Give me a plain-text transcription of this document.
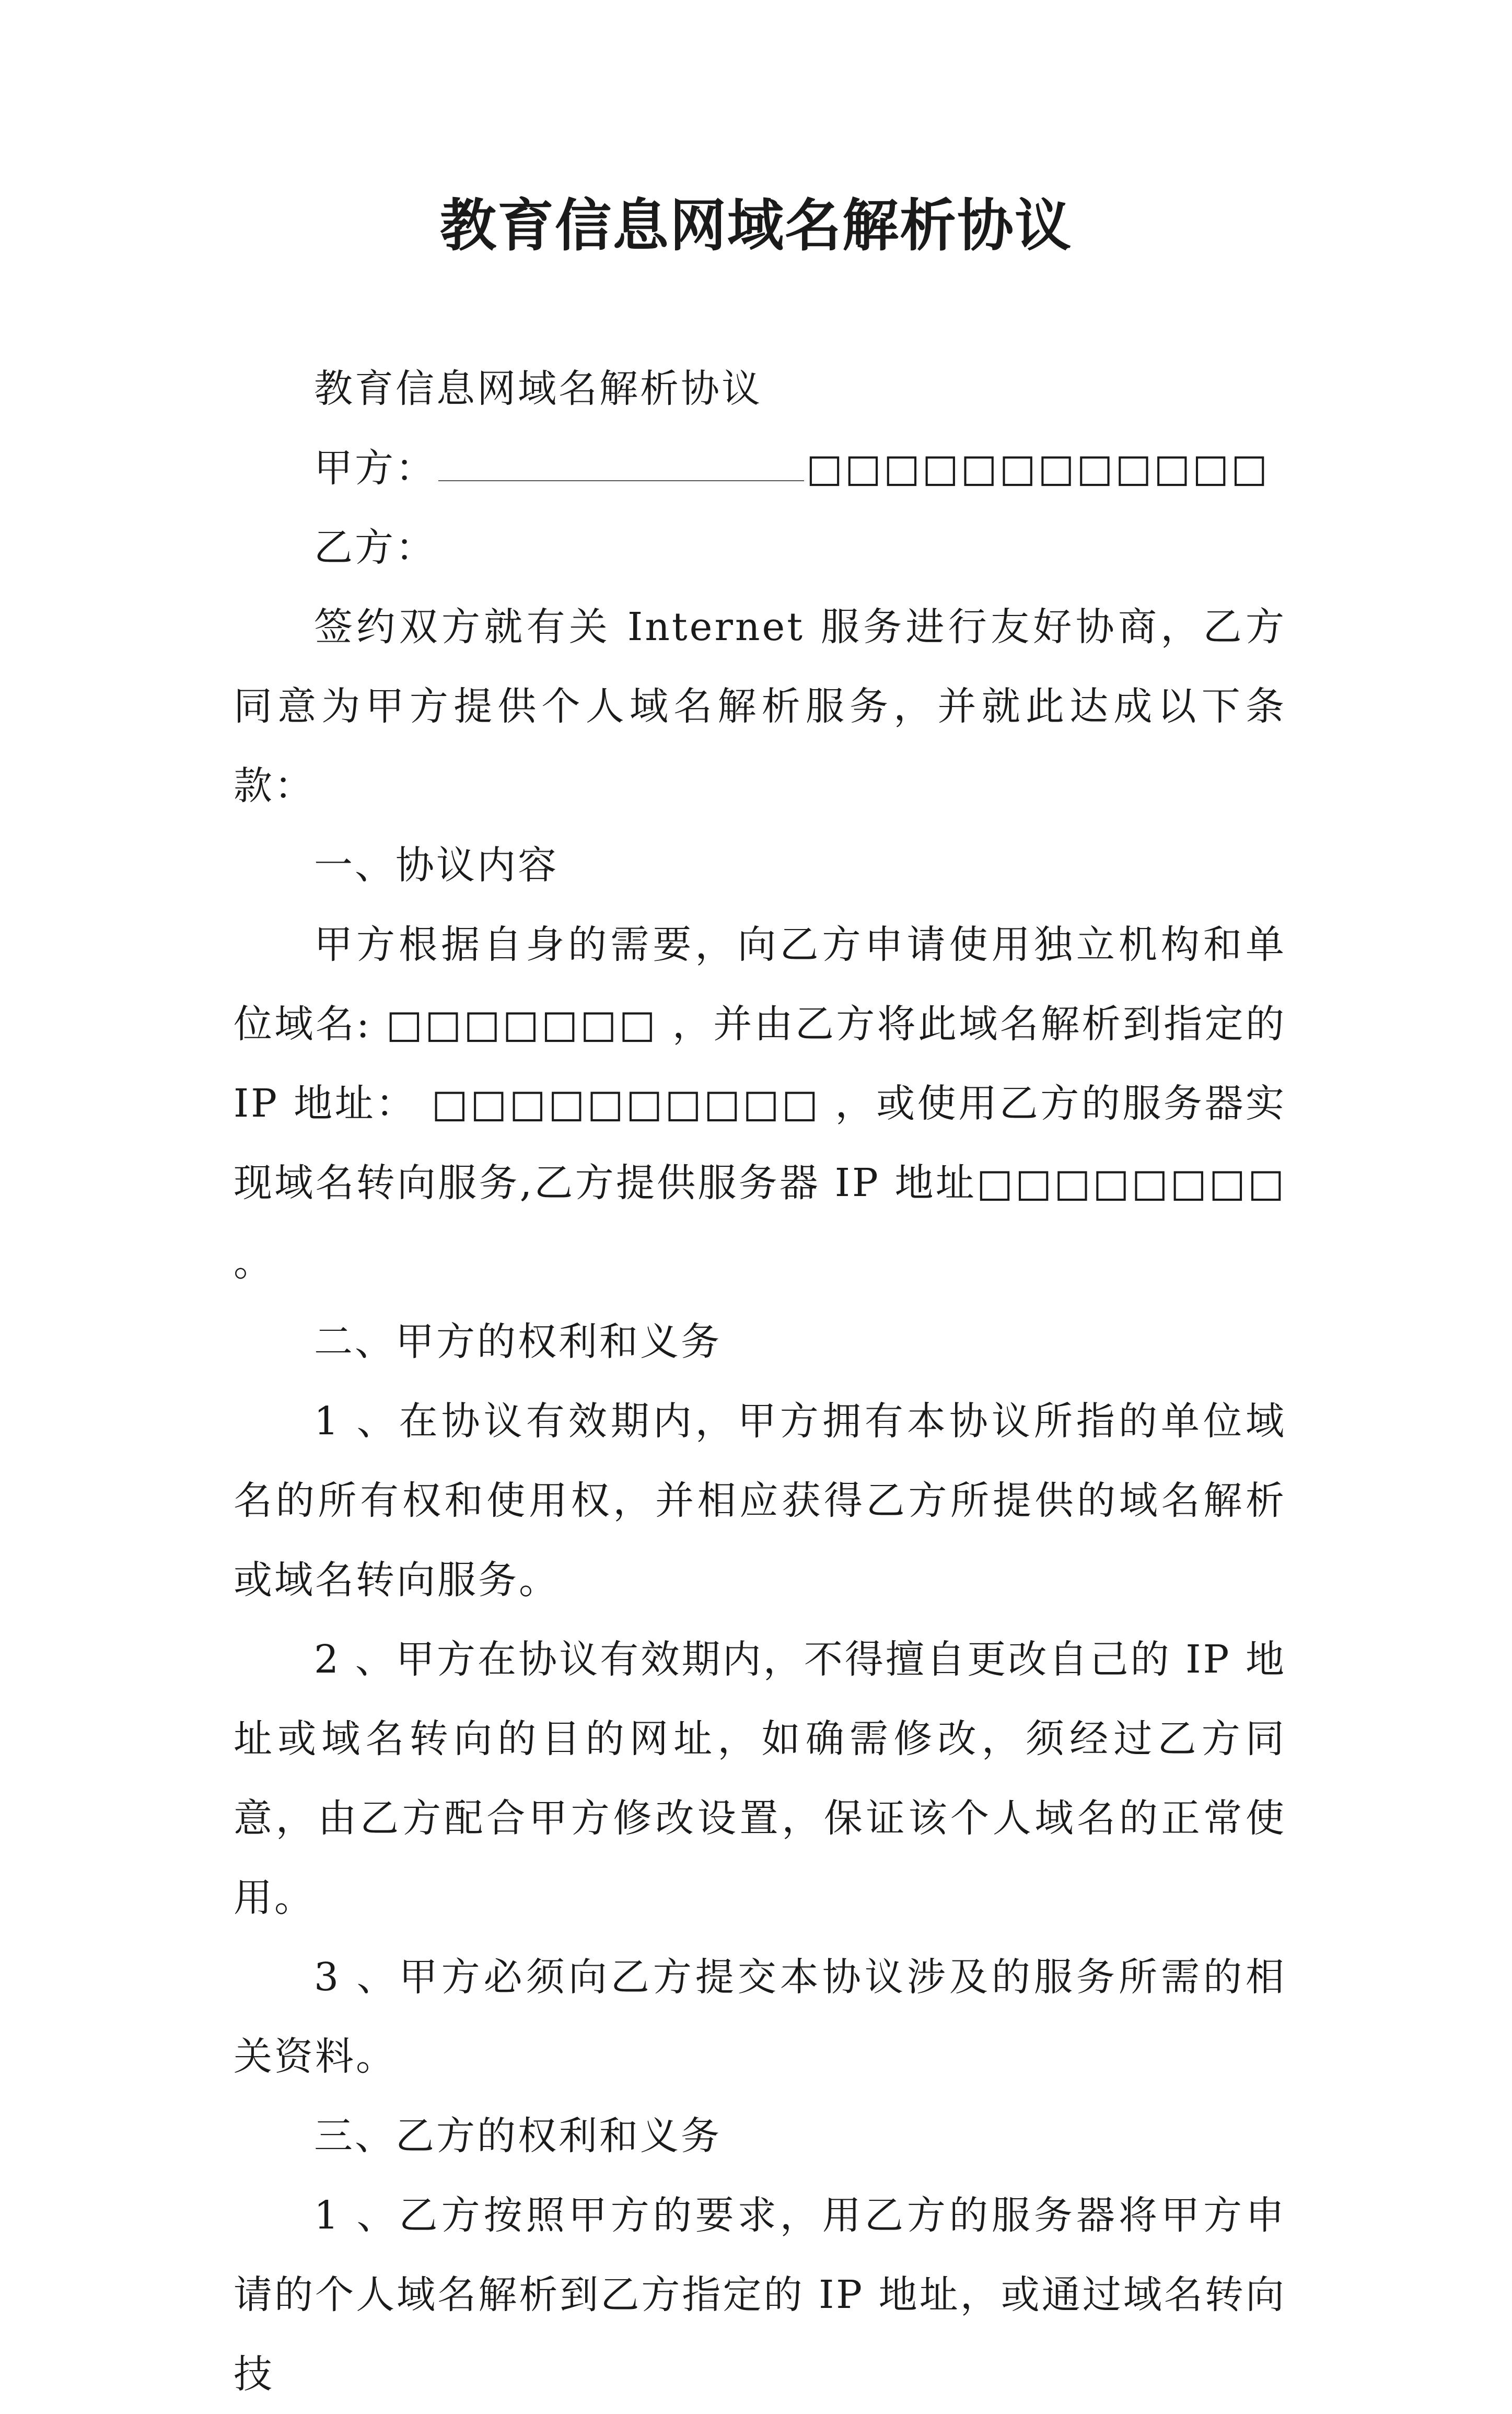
教育信息网域名解析协议

教育信息网域名解析协议

甲方：	□□□□□□□□□□□□

乙方：

签约双方就有关 Internet 服务进行友好协商，乙方同意为甲方提供个人域名解析服务，并就此达成以下条款：

一、协议内容

甲方根据自身的需要，向乙方申请使用独立机构和单位域名: □□□□□□□ ，并由乙方将此域名解析到指定的 IP 地址： □□□□□□□□□□ ，或使用乙方的服务器实现域名转向服务,乙方提供服务器 IP 地址□□□□□□□□ 。

二、甲方的权利和义务

1 、在协议有效期内，甲方拥有本协议所指的单位域名的所有权和使用权，并相应获得乙方所提供的域名解析或域名转向服务。

2 、甲方在协议有效期内，不得擅自更改自己的 IP 地址或域名转向的目的网址，如确需修改，须经过乙方同意，由乙方配合甲方修改设置，保证该个人域名的正常使用。

3 、甲方必须向乙方提交本协议涉及的服务所需的相关资料。

三、乙方的权利和义务

1 、乙方按照甲方的要求，用乙方的服务器将甲方申请的个人域名解析到乙方指定的 IP 地址，或通过域名转向技
